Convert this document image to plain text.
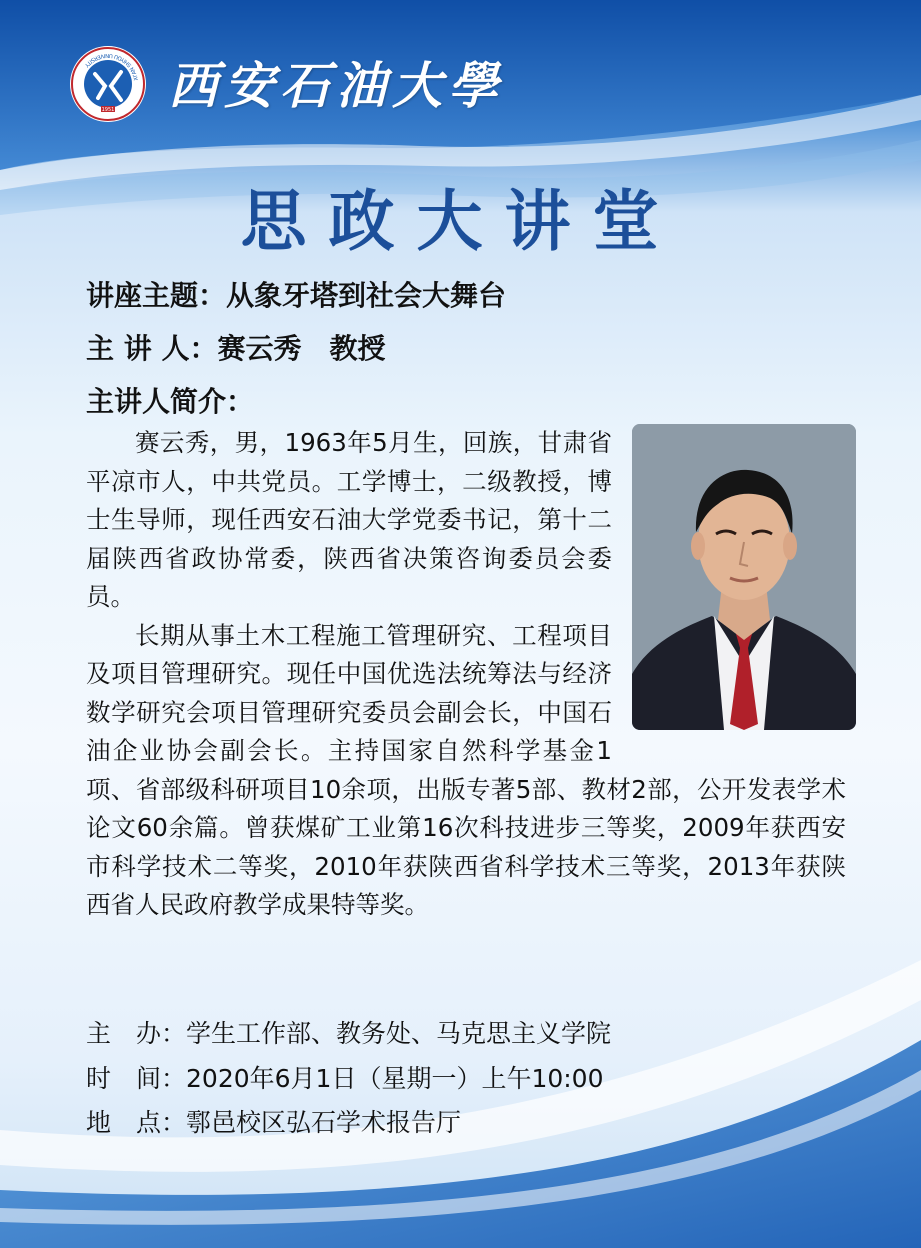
1951
XI'AN SHIYOU UNIVERSITY	西安石油大學
思政大讲堂
讲座主题：从象牙塔到社会大舞台
主 讲 人：赛云秀　教授
主讲人简介：

赛云秀，男，1963年5月生，回族，甘肃省平凉市人，中共党员。工学博士，二级教授，博士生导师，现任西安石油大学党委书记，第十二届陕西省政协常委，陕西省决策咨询委员会委员。

长期从事土木工程施工管理研究、工程项目及项目管理研究。现任中国优选法统筹法与经济数学研究会项目管理研究委员会副会长，中国石油企业协会副会长。主持国家自然科学基金1项、省部级科研项目10余项，出版专著5部、教材2部，公开发表学术论文60余篇。曾获煤矿工业第16次科技进步三等奖，2009年获西安市科学技术二等奖，2010年获陕西省科学技术三等奖，2013年获陕西省人民政府教学成果特等奖。

主　办：学生工作部、教务处、马克思主义学院
时　间：2020年6月1日（星期一）上午10:00
地　点：鄠邑校区弘石学术报告厅
